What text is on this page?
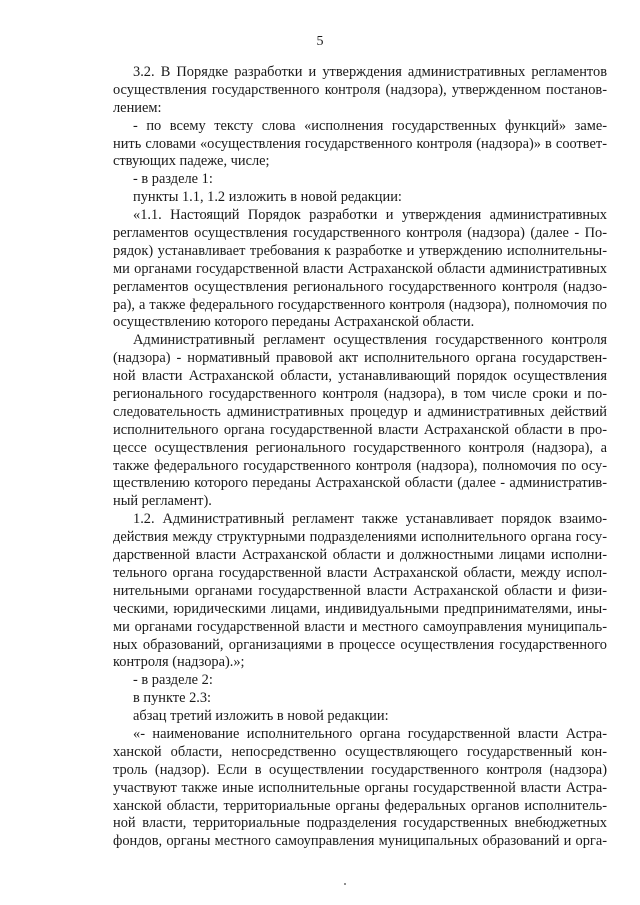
5
3.2. В Порядке разработки и утверждения административных регламентов
осуществления государственного контроля (надзора), утвержденном постанов-
лением:
- по всему тексту слова «исполнения государственных функций» заме-
нить словами «осуществления государственного контроля (надзора)» в соответ-
ствующих падеже, числе;
- в разделе 1:
пункты 1.1, 1.2 изложить в новой редакции:
«1.1. Настоящий Порядок разработки и утверждения административных
регламентов осуществления государственного контроля (надзора) (далее - По-
рядок) устанавливает требования к разработке и утверждению исполнительны-
ми органами государственной власти Астраханской области административных
регламентов осуществления регионального государственного контроля (надзо-
ра), а также федерального государственного контроля (надзора), полномочия по
осуществлению которого переданы Астраханской области.
Административный регламент осуществления государственного контроля
(надзора) - нормативный правовой акт исполнительного органа государствен-
ной власти Астраханской области, устанавливающий порядок осуществления
регионального государственного контроля (надзора), в том числе сроки и по-
следовательность административных процедур и административных действий
исполнительного органа государственной власти Астраханской области в про-
цессе осуществления регионального государственного контроля (надзора), а
также федерального государственного контроля (надзора), полномочия по осу-
ществлению которого переданы Астраханской области (далее - административ-
ный регламент).
1.2. Административный регламент также устанавливает порядок взаимо-
действия между структурными подразделениями исполнительного органа госу-
дарственной власти Астраханской области и должностными лицами исполни-
тельного органа государственной власти Астраханской области, между испол-
нительными органами государственной власти Астраханской области и физи-
ческими, юридическими лицами, индивидуальными предпринимателями, ины-
ми органами государственной власти и местного самоуправления муниципаль-
ных образований, организациями в процессе осуществления государственного
контроля (надзора).»;
- в разделе 2:
в пункте 2.3:
абзац третий изложить в новой редакции:
«- наименование исполнительного органа государственной власти Астра-
ханской области, непосредственно осуществляющего государственный кон-
троль (надзор). Если в осуществлении государственного контроля (надзора)
участвуют также иные исполнительные органы государственной власти Астра-
ханской области, территориальные органы федеральных органов исполнитель-
ной власти, территориальные подразделения государственных внебюджетных
фондов, органы местного самоуправления муниципальных образований и орга-
